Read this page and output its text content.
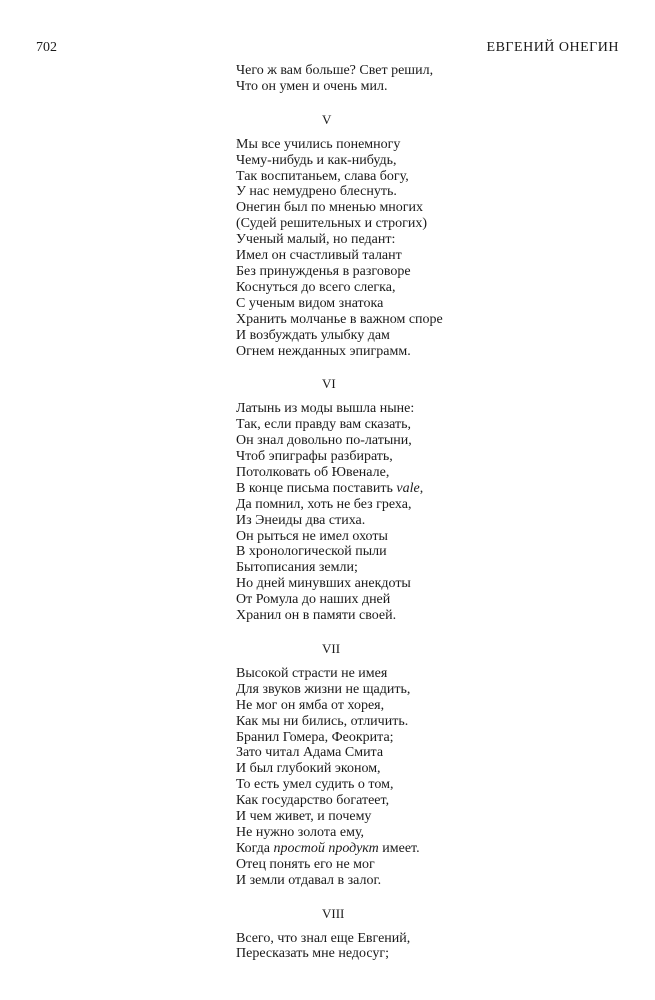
702	ЕВГЕНИЙ ОНЕГИН
Чего ж вам больше? Свет решил,
Что он умен и очень мил.
V
Мы все учились понемногу
Чему-нибудь и как-нибудь,
Так воспитаньем, слава богу,
У нас немудрено блеснуть.
Онегин был по мненью многих
(Судей решительных и строгих)
Ученый малый, но педант:
Имел он счастливый талант
Без принужденья в разговоре
Коснуться до всего слегка,
С ученым видом знатока
Хранить молчанье в важном споре
И возбуждать улыбку дам
Огнем нежданных эпиграмм.
VI
Латынь из моды вышла ныне:
Так, если правду вам сказать,
Он знал довольно по-латыни,
Чтоб эпиграфы разбирать,
Потолковать об Ювенале,
В конце письма поставить vale,
Да помнил, хоть не без греха,
Из Энеиды два стиха.
Он рыться не имел охоты
В хронологической пыли
Бытописания земли;
Но дней минувших анекдоты
От Ромула до наших дней
Хранил он в памяти своей.
VII
Высокой страсти не имея
Для звуков жизни не щадить,
Не мог он ямба от хорея,
Как мы ни бились, отличить.
Бранил Гомера, Феокрита;
Зато читал Адама Смита
И был глубокий эконом,
То есть умел судить о том,
Как государство богатеет,
И чем живет, и почему
Не нужно золота ему,
Когда простой продукт имеет.
Отец понять его не мог
И земли отдавал в залог.
VIII
Всего, что знал еще Евгений,
Пересказать мне недосуг;
